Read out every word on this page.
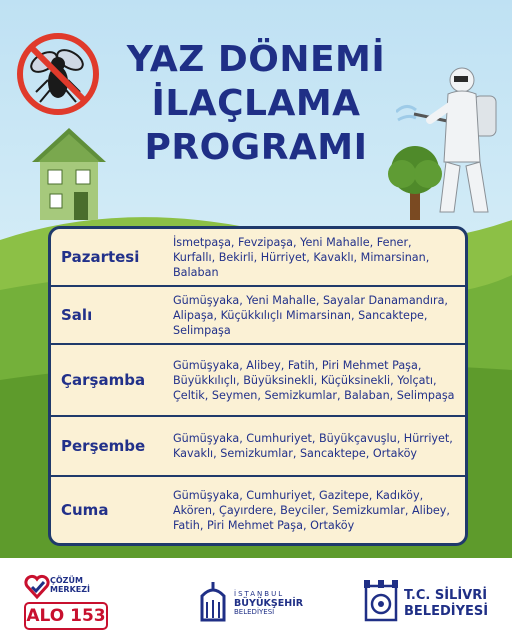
YAZ DÖNEMİ
İLAÇLAMA
PROGRAMI
Pazartesi
İsmetpaşa, Fevzipaşa, Yeni Mahalle, Fener, Kurfallı, Bekirli, Hürriyet, Kavaklı, Mimarsinan, Balaban
Salı
Gümüşyaka, Yeni Mahalle, Sayalar Danamandıra, Alipaşa, Küçükkılıçlı Mimarsinan, Sancaktepe, Selimpaşa
Çarşamba
Gümüşyaka, Alibey, Fatih, Piri Mehmet Paşa, Büyükkılıçlı, Büyüksinekli, Küçüksinekli, Yolçatı, Çeltik, Seymen, Semizkumlar, Balaban, Selimpaşa
Perşembe	Gümüşyaka, Cumhuriyet, Büyükçavuşlu, Hürriyet, Kavaklı, Semizkumlar, Sancaktepe, Ortaköy
Cuma
Gümüşyaka, Cumhuriyet, Gazitepe, Kadıköy, Akören, Çayırdere, Beyciler, Semizkumlar, Alibey, Fatih, Piri Mehmet Paşa, Ortaköy
ÇÖZÜM
MERKEZİ
ALO 153
İSTANBUL
BÜYÜKŞEHİR
BELEDİYESİ
T.C. SİLİVRİ
BELEDİYESİ
